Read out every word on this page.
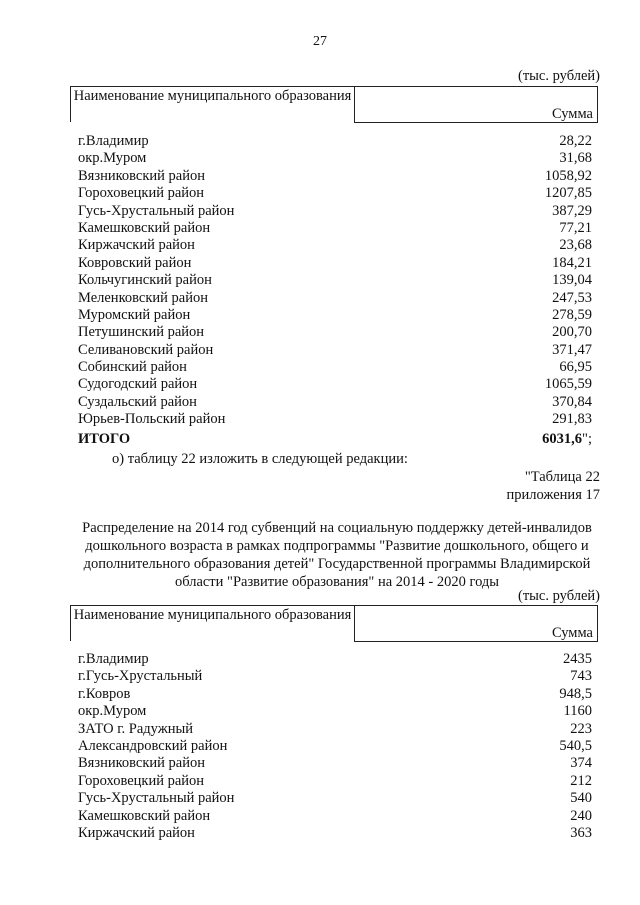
27
(тыс. рублей)
Наименование муниципального образования
Сумма
г.Владимир	28,22
окр.Муром	31,68
Вязниковский район	1058,92
Гороховецкий район	1207,85
Гусь-Хрустальный район	387,29
Камешковский район	77,21
Киржачский район	23,68
Ковровский район	184,21
Кольчугинский район	139,04
Меленковский район	247,53
Муромский район	278,59
Петушинский район	200,70
Селивановский район	371,47
Собинский район	66,95
Судогодский район	1065,59
Суздальский район	370,84
Юрьев-Польский район	291,83
ИТОГО	6031,6";
о) таблицу 22 изложить в следующей редакции:
"Таблица 22
приложения 17
Распределение на 2014 год субвенций на социальную поддержку детей-инвалидов
дошкольного возраста в рамках подпрограммы "Развитие дошкольного, общего и
дополнительного образования детей" Государственной программы Владимирской
области "Развитие образования" на 2014 - 2020 годы
(тыс. рублей)
Наименование муниципального образования
Сумма
г.Владимир	2435
г.Гусь-Хрустальный	743
г.Ковров	948,5
окр.Муром	1160
ЗАТО г. Радужный	223
Александровский район	540,5
Вязниковский район	374
Гороховецкий район	212
Гусь-Хрустальный район	540
Камешковский район	240
Киржачский район	363
